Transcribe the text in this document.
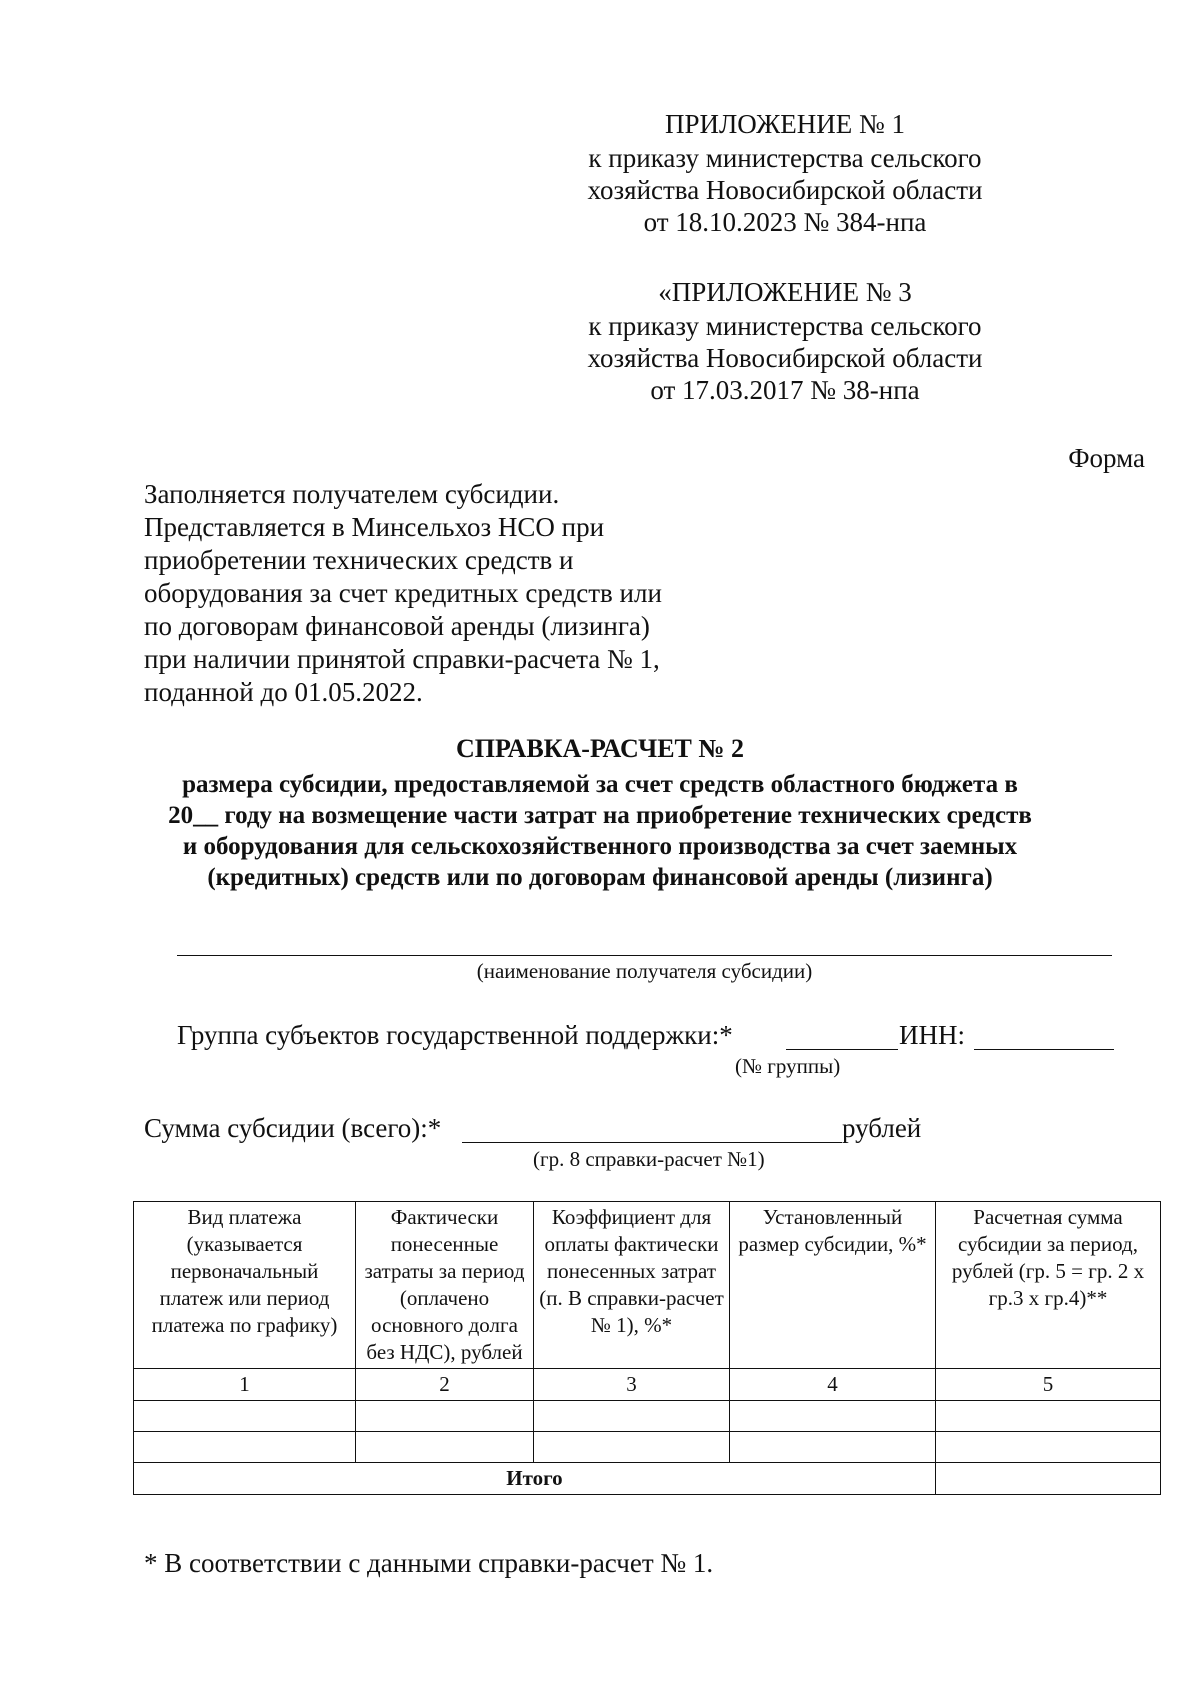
ПРИЛОЖЕНИЕ № 1
к приказу министерства сельского
хозяйства Новосибирской области
от 18.10.2023 № 384-нпа
«ПРИЛОЖЕНИЕ № 3
к приказу министерства сельского
хозяйства Новосибирской области
от 17.03.2017 № 38-нпа
Форма
Заполняется получателем субсидии.
Представляется в Минсельхоз НСО при
приобретении технических средств и
оборудования за счет кредитных средств или
по договорам финансовой аренды (лизинга)
при наличии принятой справки-расчета № 1,
поданной до 01.05.2022.
СПРАВКА-РАСЧЕТ № 2
размера субсидии, предоставляемой за счет средств областного бюджета в
20__ году на возмещение части затрат на приобретение технических средств
и оборудования для сельскохозяйственного производства за счет заемных
(кредитных) средств или по договорам финансовой аренды (лизинга)
(наименование получателя субсидии)
Группа субъектов государственной поддержки:*	ИНН:
(№ группы)
Сумма субсидии (всего):*	рублей
(гр. 8 справки-расчет №1)
Вид платежа (указывается первоначальный платеж или период платежа по графику)	Фактически понесенные затраты за период (оплачено основного долга без НДС), рублей	Коэффициент для оплаты фактически понесенных затрат (п. В справки-расчет № 1), %*	Установленный размер субсидии, %*	Расчетная сумма субсидии за период, рублей (гр. 5 = гр. 2 х гр.3 х гр.4)**
1	2	3	4	5

Итого				
* В соответствии с данными справки-расчет № 1.
